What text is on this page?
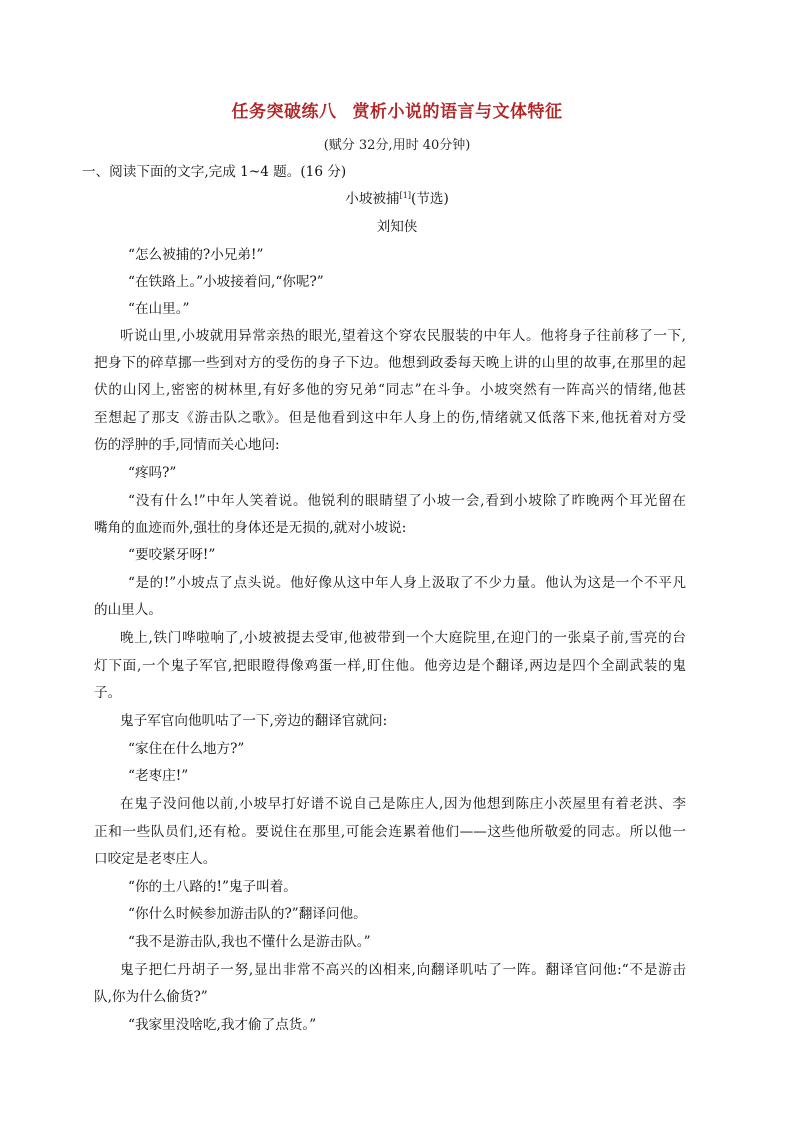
任务突破练八 赏析小说的语言与文体特征
(赋分 32分,用时 40分钟)
一、阅读下面的文字,完成 1~4 题。(16 分)
小坡被捕[1](节选)
刘知侠
“怎么被捕的?小兄弟!”
“在铁路上。”小坡接着问,“你呢?”
“在山里。”
听说山里,小坡就用异常亲热的眼光,望着这个穿农民服装的中年人。他将身子往前移了一下,
把身下的碎草挪一些到对方的受伤的身子下边。他想到政委每天晚上讲的山里的故事,在那里的起
伏的山冈上,密密的树林里,有好多他的穷兄弟“同志”在斗争。小坡突然有一阵高兴的情绪,他甚
至想起了那支《游击队之歌》。但是他看到这中年人身上的伤,情绪就又低落下来,他抚着对方受
伤的浮肿的手,同情而关心地问:
“疼吗?”
“没有什么!”中年人笑着说。他锐利的眼睛望了小坡一会,看到小坡除了昨晚两个耳光留在
嘴角的血迹而外,强壮的身体还是无损的,就对小坡说:
“要咬紧牙呀!”
“是的!”小坡点了点头说。他好像从这中年人身上汲取了不少力量。他认为这是一个不平凡
的山里人。
晚上,铁门哗啦响了,小坡被提去受审,他被带到一个大庭院里,在迎门的一张桌子前,雪亮的台
灯下面,一个鬼子军官,把眼瞪得像鸡蛋一样,盯住他。他旁边是个翻译,两边是四个全副武装的鬼
子。
鬼子军官向他叽咕了一下,旁边的翻译官就问:
“家住在什么地方?”
“老枣庄!”
在鬼子没问他以前,小坡早打好谱不说自己是陈庄人,因为他想到陈庄小茨屋里有着老洪、李
正和一些队员们,还有枪。要说住在那里,可能会连累着他们——这些他所敬爱的同志。所以他一
口咬定是老枣庄人。
“你的土八路的!”鬼子叫着。
“你什么时候参加游击队的?”翻译问他。
“我不是游击队,我也不懂什么是游击队。”
鬼子把仁丹胡子一努,显出非常不高兴的凶相来,向翻译叽咕了一阵。翻译官问他:“不是游击
队,你为什么偷货?”
“我家里没啥吃,我才偷了点货。”
